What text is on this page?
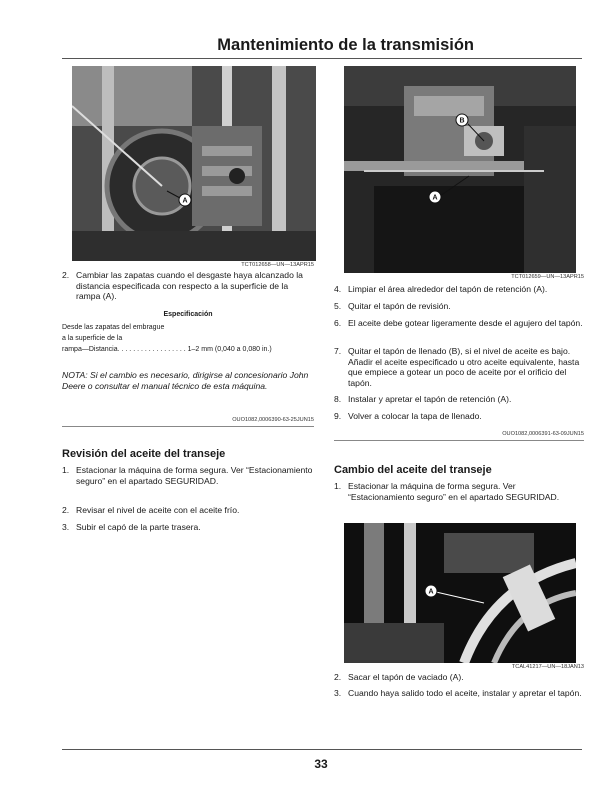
Mantenimiento de la transmisión
A
TCT012658—UN—13APR15
2. Cambiar las zapatas cuando el desgaste haya alcanzado la distancia especificada con respecto a la superficie de la rampa (A).
Especificación
Desde las zapatas del embrague
a la superficie de la
rampa—Distancia. . . . . . . . . . . . . . . . . . 1–2 mm (0,040 a 0,080 in.)
NOTA: Si el cambio es necesario, dirigirse al concesionario John Deere o consultar el manual técnico de esta máquina.
OUO1082,0006390-63-25JUN15
Revisión del aceite del transeje
1. Estacionar la máquina de forma segura. Ver “Estacionamiento seguro” en el apartado SEGURIDAD.
2. Revisar el nivel de aceite con el aceite frío.
3. Subir el capó de la parte trasera.
A
B
TCT012659—UN—13APR15
4. Limpiar el área alrededor del tapón de retención (A).
5. Quitar el tapón de revisión.
6. El aceite debe gotear ligeramente desde el agujero del tapón.
7. Quitar el tapón de llenado (B), si el nivel de aceite es bajo. Añadir el aceite especificado u otro aceite equivalente, hasta que empiece a gotear un poco de aceite por el orificio del tapón.
8. Instalar y apretar el tapón de retención (A).
9. Volver a colocar la tapa de llenado.
OUO1082,0006391-63-09JUN15
Cambio del aceite del transeje
1. Estacionar la máquina de forma segura. Ver “Estacionamiento seguro” en el apartado SEGURIDAD.
A
TCAL41217—UN—18JAN13
2. Sacar el tapón de vaciado (A).
3. Cuando haya salido todo el aceite, instalar y apretar el tapón.
33
